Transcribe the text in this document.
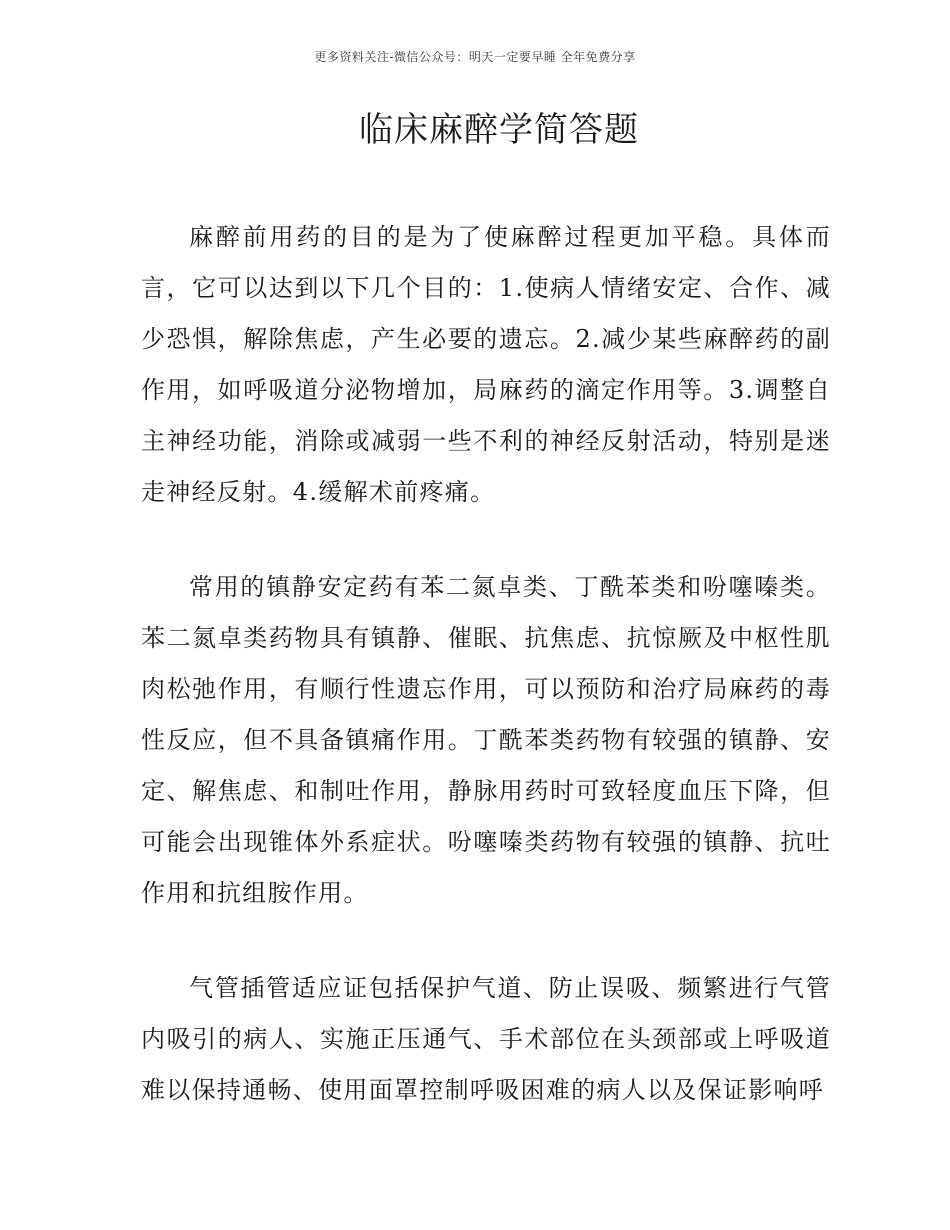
更多资料关注-微信公众号：明天一定要早睡 全年免费分享
临床麻醉学简答题

麻醉前用药的目的是为了使麻醉过程更加平稳。具体而言，它可以达到以下几个目的：1.使病人情绪安定、合作、减少恐惧，解除焦虑，产生必要的遗忘。2.减少某些麻醉药的副作用，如呼吸道分泌物增加，局麻药的滴定作用等。3.调整自主神经功能，消除或减弱一些不利的神经反射活动，特别是迷走神经反射。4.缓解术前疼痛。

常用的镇静安定药有苯二氮卓类、丁酰苯类和吩噻嗪类。苯二氮卓类药物具有镇静、催眠、抗焦虑、抗惊厥及中枢性肌肉松弛作用，有顺行性遗忘作用，可以预防和治疗局麻药的毒性反应，但不具备镇痛作用。丁酰苯类药物有较强的镇静、安定、解焦虑、和制吐作用，静脉用药时可致轻度血压下降，但可能会出现锥体外系症状。吩噻嗪类药物有较强的镇静、抗吐作用和抗组胺作用。

气管插管适应证包括保护气道、防止误吸、频繁进行气管内吸引的病人、实施正压通气、手术部位在头颈部或上呼吸道难以保持通畅、使用面罩控制呼吸困难的病人以及保证影响呼
